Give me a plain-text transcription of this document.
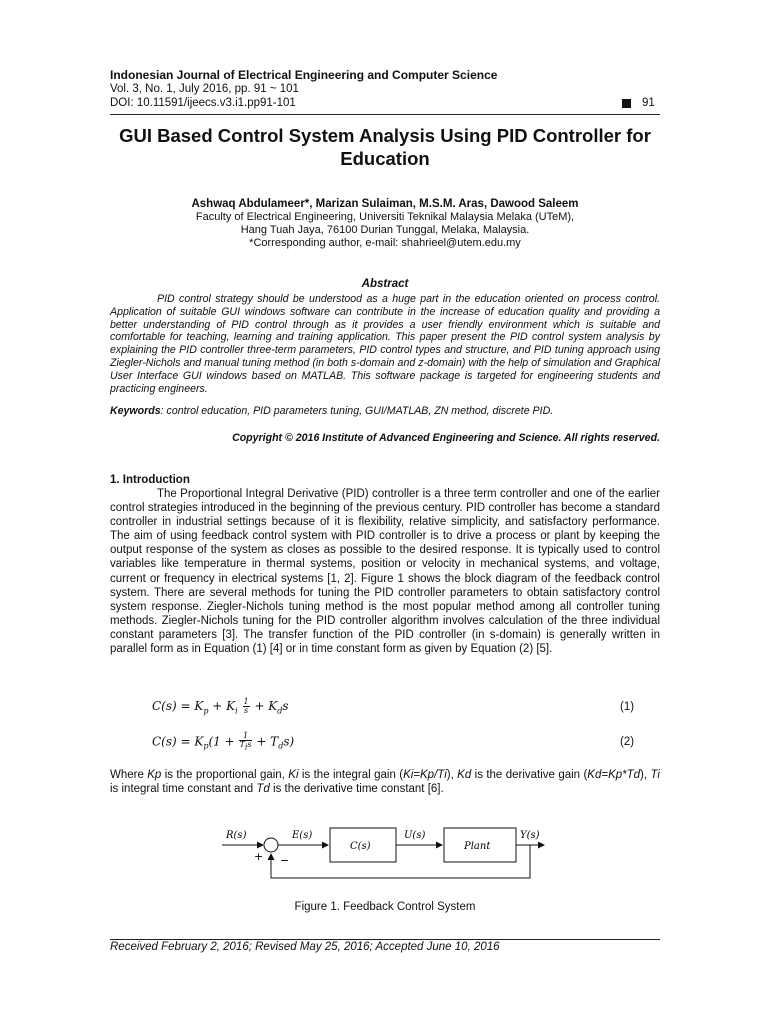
Indonesian Journal of Electrical Engineering and Computer Science
Vol. 3, No. 1, July 2016, pp. 91 ~ 101
DOI: 10.11591/ijeecs.v3.i1.pp91-101	91
GUI Based Control System Analysis Using PID Controller for Education
Ashwaq Abdulameer*, Marizan Sulaiman, M.S.M. Aras, Dawood Saleem
Faculty of Electrical Engineering, Universiti Teknikal Malaysia Melaka (UTeM),
Hang Tuah Jaya, 76100 Durian Tunggal, Melaka, Malaysia.
*Corresponding author, e-mail: shahrieel@utem.edu.my
Abstract
PID control strategy should be understood as a huge part in the education oriented on process control. Application of suitable GUI windows software can contribute in the increase of education quality and providing a better understanding of PID control through as it provides a user friendly environment which is suitable and comfortable for teaching, learning and training application. This paper present the PID control system analysis by explaining the PID controller three-term parameters, PID control types and structure, and PID tuning approach using Ziegler-Nichols and manual tuning method (in both s-domain and z-domain) with the help of simulation and Graphical User Interface GUI windows based on MATLAB. This software package is targeted for engineering students and practicing engineers.
Keywords: control education, PID parameters tuning, GUI/MATLAB, ZN method, discrete PID.
Copyright © 2016 Institute of Advanced Engineering and Science. All rights reserved.
1. Introduction
The Proportional Integral Derivative (PID) controller is a three term controller and one of the earlier control strategies introduced in the beginning of the previous century. PID controller has become a standard controller in industrial settings because of it is flexibility, relative simplicity, and satisfactory performance. The aim of using feedback control system with PID controller is to drive a process or plant by keeping the output response of the system as closes as possible to the desired response. It is typically used to control variables like temperature in thermal systems, position or velocity in mechanical systems, and voltage, current or frequency in electrical systems [1, 2]. Figure 1 shows the block diagram of the feedback control system. There are several methods for tuning the PID controller parameters to obtain satisfactory control system response. Ziegler-Nichols tuning method is the most popular method among all controller tuning methods. Ziegler-Nichols tuning for the PID controller algorithm involves calculation of the three individual constant parameters [3]. The transfer function of the PID controller (in s-domain) is generally written in parallel form as in Equation (1) [4] or in time constant form as given by Equation (2) [5].
$C(s) = K_p + K_i \frac{1}{s} + K_ds$	(1)
$C(s) = K_p(1 + \frac{1}{T_is} + T_ds)$	(2)
Where Kp is the proportional gain, Ki is the integral gain (Ki=Kp/Ti), Kd is the derivative gain (Kd=Kp*Td), Ti is integral time constant and Td is the derivative time constant [6].
R(s)	E(s)
C(s)
U(s)
Plant
Y(s)
+ −
Figure 1. Feedback Control System
Received February 2, 2016; Revised May 25, 2016; Accepted June 10, 2016
